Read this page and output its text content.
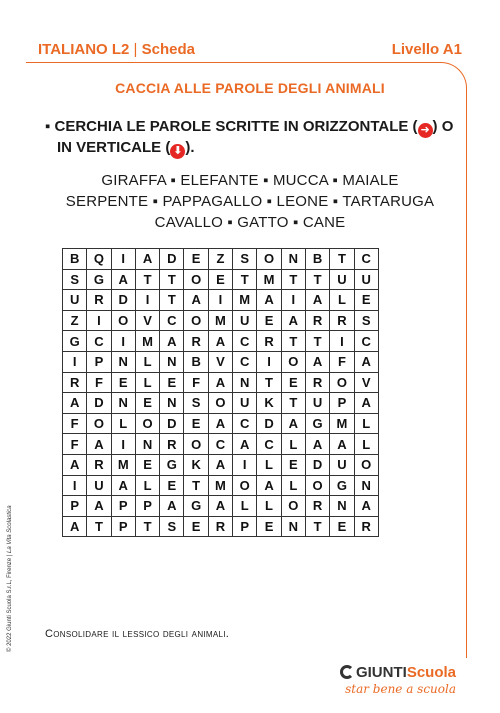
ITALIANO L2 | Scheda	Livello A1
CACCIA ALLE PAROLE DEGLI ANIMALI
▪ CERCHIA LE PAROLE SCRITTE IN ORIZZONTALE ( ➜ ) O
IN VERTICALE ( ⬇ ).
GIRAFFA ▪ ELEFANTE ▪ MUCCA ▪ MAIALE
SERPENTE ▪ PAPPAGALLO ▪ LEONE ▪ TARTARUGA
CAVALLO ▪ GATTO ▪ CANE
B	Q	I	A	D	E	Z	S	O	N	B	T	C
S	G	A	T	T	O	E	T	M	T	T	U	U
U	R	D	I	T	A	I	M	A	I	A	L	E
Z	I	O	V	C	O	M	U	E	A	R	R	S
G	C	I	M	A	R	A	C	R	T	T	I	C
I	P	N	L	N	B	V	C	I	O	A	F	A
R	F	E	L	E	F	A	N	T	E	R	O	V
A	D	N	E	N	S	O	U	K	T	U	P	A
F	O	L	O	D	E	A	C	D	A	G	M	L
F	A	I	N	R	O	C	A	C	L	A	A	L
A	R	M	E	G	K	A	I	L	E	D	U	O
I	U	A	L	E	T	M	O	A	L	O	G	N
P	A	P	P	A	G	A	L	L	O	R	N	A
A	T	P	T	S	E	R	P	E	N	T	E	R
Consolidare il lessico degli animali.
© 2022 Giunti Scuola S.r.L, Firenze | La Vita Scolastica
GIUNTIScuola
star bene a scuola
